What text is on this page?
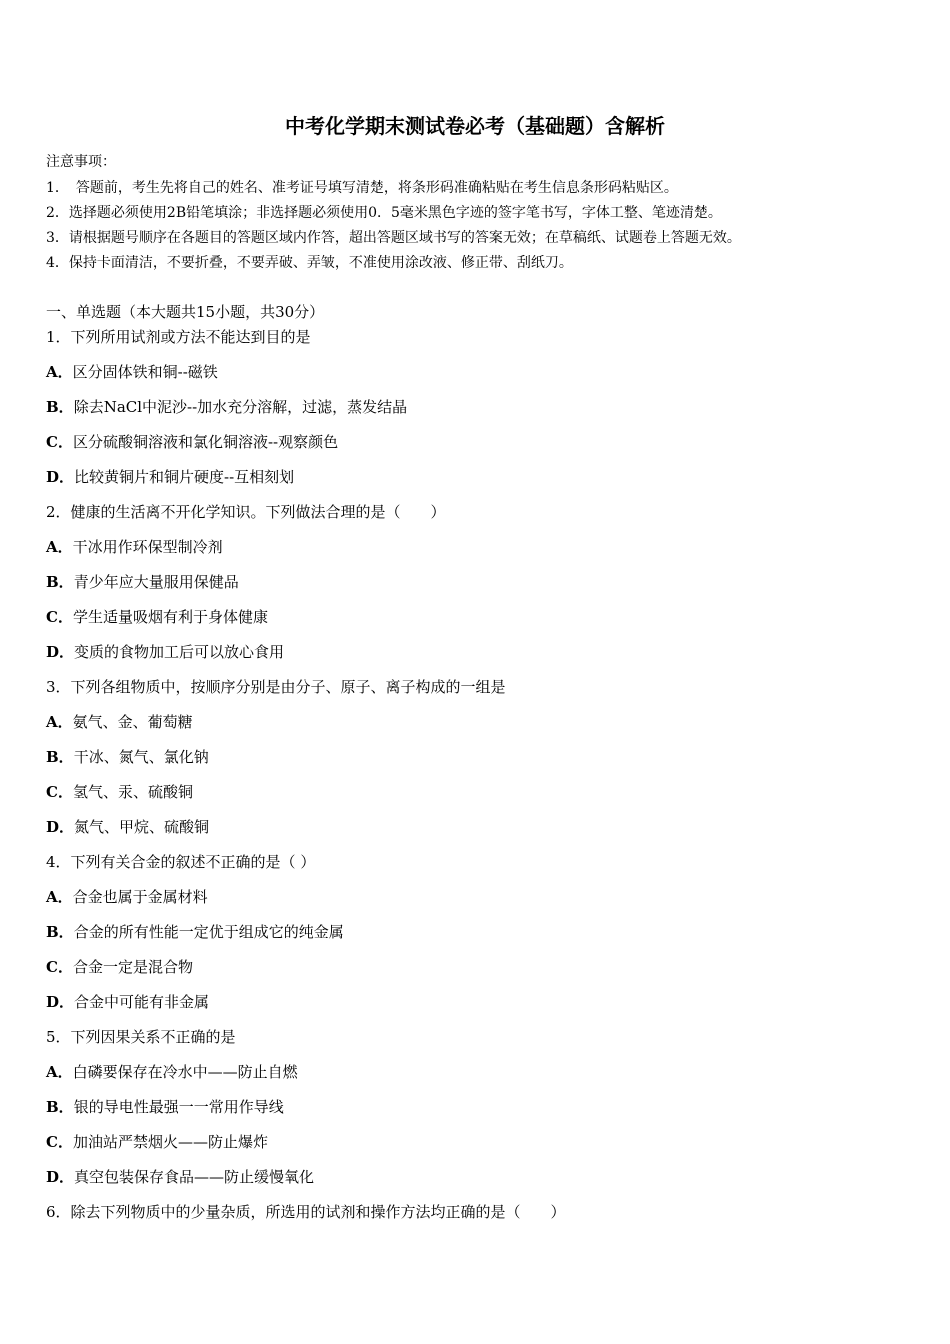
中考化学期末测试卷必考（基础题）含解析
注意事项：
1．　答题前，考生先将自己的姓名、准考证号填写清楚，将条形码准确粘贴在考生信息条形码粘贴区。
2．选择题必须使用2B铅笔填涂；非选择题必须使用0．5毫米黑色字迹的签字笔书写，字体工整、笔迹清楚。
3．请根据题号顺序在各题目的答题区域内作答，超出答题区域书写的答案无效；在草稿纸、试题卷上答题无效。
4．保持卡面清洁，不要折叠，不要弄破、弄皱，不准使用涂改液、修正带、刮纸刀。
一、单选题（本大题共15小题，共30分）
1．下列所用试剂或方法不能达到目的是
A．区分固体铁和铜--磁铁
B．除去NaCl中泥沙--加水充分溶解，过滤，蒸发结晶
C．区分硫酸铜溶液和氯化铜溶液--观察颜色
D．比较黄铜片和铜片硬度--互相刻划
2．健康的生活离不开化学知识。下列做法合理的是（　　）
A．干冰用作环保型制冷剂
B．青少年应大量服用保健品
C．学生适量吸烟有利于身体健康
D．变质的食物加工后可以放心食用
3．下列各组物质中，按顺序分别是由分子、原子、离子构成的一组是
A．氨气、金、葡萄糖
B．干冰、氮气、氯化钠
C．氢气、汞、硫酸铜
D．氮气、甲烷、硫酸铜
4．下列有关合金的叙述不正确的是（ ）
A．合金也属于金属材料
B．合金的所有性能一定优于组成它的纯金属
C．合金一定是混合物
D．合金中可能有非金属
5．下列因果关系不正确的是
A．白磷要保存在冷水中——防止自燃
B．银的导电性最强一一常用作导线
C．加油站严禁烟火——防止爆炸
D．真空包装保存食品——防止缓慢氧化
6．除去下列物质中的少量杂质，所选用的试剂和操作方法均正确的是（　　）
